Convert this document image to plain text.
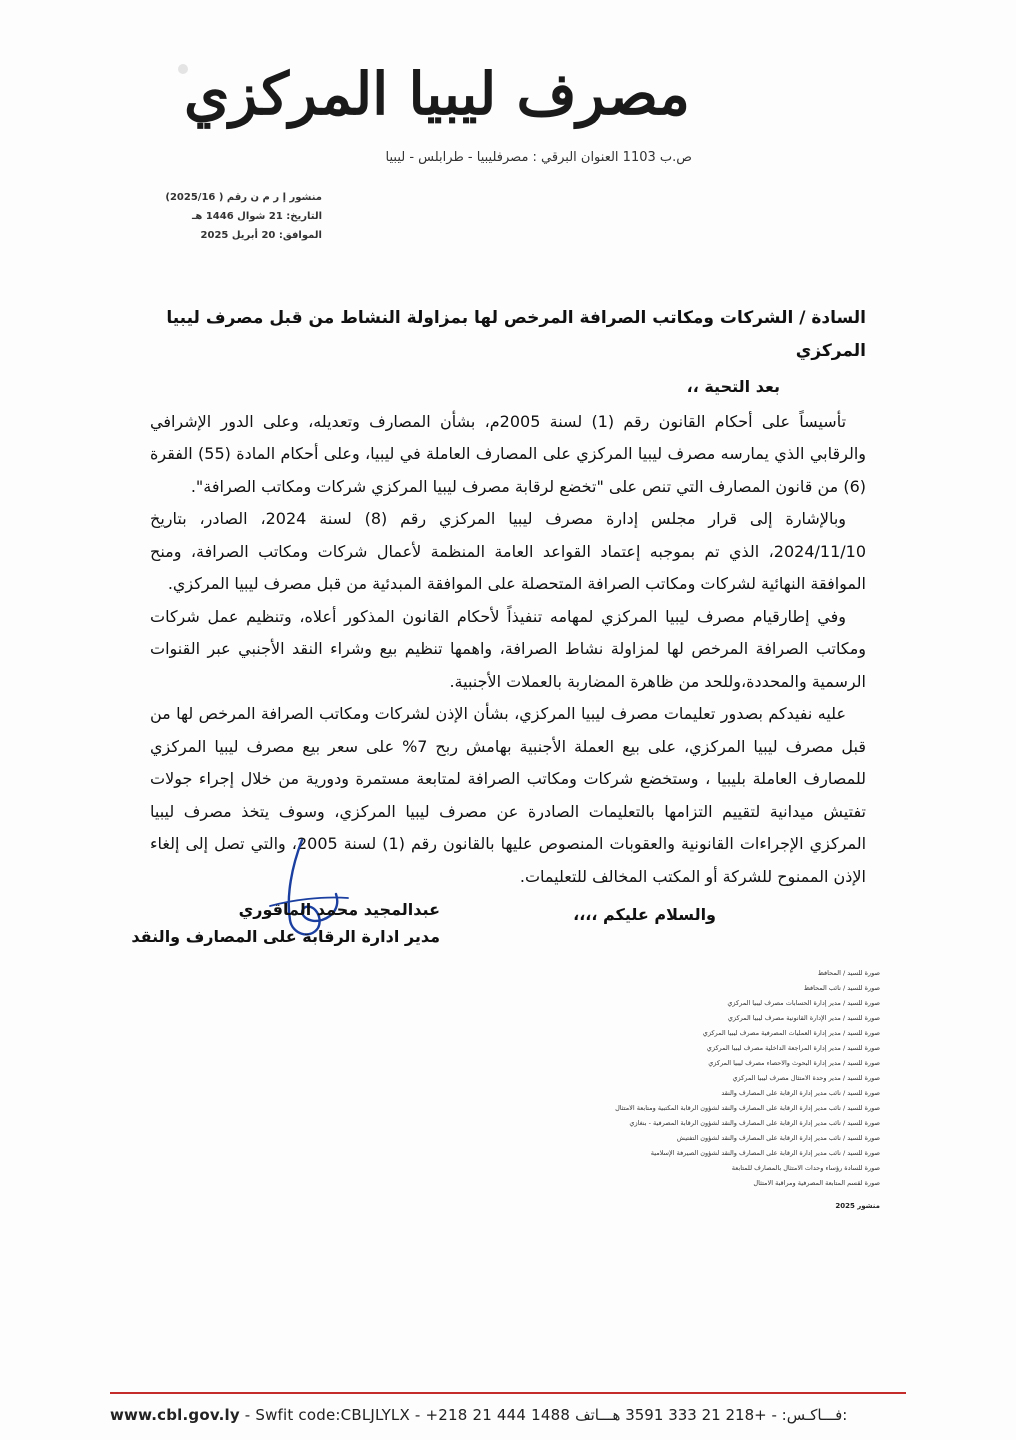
مصرف ليبيا المركزي
ص.ب 1103 العنوان البرقي : مصرفليبيا - طرابلس - ليبيا
منشور إ ر م ن رقم ( 2025/16)
التاريخ: 21 شوال 1446 هـ
الموافق: 20 أبريل 2025
السادة / الشركات ومكاتب الصرافة المرخص لها بمزاولة النشاط من قبل مصرف ليبيا المركزي
بعد التحية ،،

تأسيساً على أحكام القانون رقم (1) لسنة 2005م، بشأن المصارف وتعديله، وعلى الدور الإشرافي والرقابي الذي يمارسه مصرف ليبيا المركزي على المصارف العاملة في ليبيا، وعلى أحكام المادة (55) الفقرة (6) من قانون المصارف التي تنص على "تخضع لرقابة مصرف ليبيا المركزي شركات ومكاتب الصرافة".

وبالإشارة إلى قرار مجلس إدارة مصرف ليبيا المركزي رقم (8) لسنة 2024، الصادر، بتاريخ 2024/11/10، الذي تم بموجبه إعتماد القواعد العامة المنظمة لأعمال شركات ومكاتب الصرافة، ومنح الموافقة النهائية لشركات ومكاتب الصرافة المتحصلة على الموافقة المبدئية من قبل مصرف ليبيا المركزي.

وفي إطارقيام مصرف ليبيا المركزي لمهامه تنفيذاً لأحكام القانون المذكور أعلاه، وتنظيم عمل شركات ومكاتب الصرافة المرخص لها لمزاولة نشاط الصرافة، واهمها تنظيم بيع وشراء النقد الأجنبي عبر القنوات الرسمية والمحددة،وللحد من ظاهرة المضاربة بالعملات الأجنبية.

عليه نفيدكم بصدور تعليمات مصرف ليبيا المركزي، بشأن الإذن لشركات ومكاتب الصرافة المرخص لها من قبل مصرف ليبيا المركزي، على بيع العملة الأجنبية بهامش ربح 7% على سعر بيع مصرف ليبيا المركزي للمصارف العاملة بليبيا ، وستخضع شركات ومكاتب الصرافة لمتابعة مستمرة ودورية من خلال إجراء جولات تفتيش ميدانية لتقييم التزامها بالتعليمات الصادرة عن مصرف ليبيا المركزي، وسوف يتخذ مصرف ليبيا المركزي الإجراءات القانونية والعقوبات المنصوص عليها بالقانون رقم (1) لسنة 2005، والتي تصل إلى إلغاء الإذن الممنوح للشركة أو المكتب المخالف للتعليمات.

والسلام عليكم ،،،،
عبدالمجيد محمد الماقوري
مدير ادارة الرقابة على المصارف والنقد
صورة للسيد / المحافظ
صورة للسيد / نائب المحافظ
صورة للسيد / مدير إدارة الحسابات مصرف ليبيا المركزي
صورة للسيد / مدير الإدارة القانونية مصرف ليبيا المركزي
صورة للسيد / مدير إدارة العمليات المصرفية مصرف ليبيا المركزي
صورة للسيد / مدير إدارة المراجعة الداخلية مصرف ليبيا المركزي
صورة للسيد / مدير إدارة البحوث والاحصاء مصرف ليبيا المركزي
صورة للسيد / مدير وحدة الامتثال مصرف ليبيا المركزي
صورة للسيد / نائب مدير إدارة الرقابة على المصارف والنقد
صورة للسيد / نائب مدير إدارة الرقابة على المصارف والنقد لشؤون الرقابة المكتبية ومتابعة الامتثال
صورة للسيد / نائب مدير إدارة الرقابة على المصارف والنقد لشؤون الرقابة المصرفية - بنغازي
صورة للسيد / نائب مدير إدارة الرقابة على المصارف والنقد لشؤون التفتيش
صورة للسيد / نائب مدير إدارة الرقابة على المصارف والنقد لشؤون الصيرفة الإسلامية
صورة للسادة رؤساء وحدات الامتثال بالمصارف للمتابعة
صورة لقسم المتابعة المصرفية ومراقبة الامتثال
منشور 2025
www.cbl.gov.ly - Swfit code:CBLJLYLX - +218 21 444 1488 فـــاكـس: - +218 21 333 3591 هـــاتف:
